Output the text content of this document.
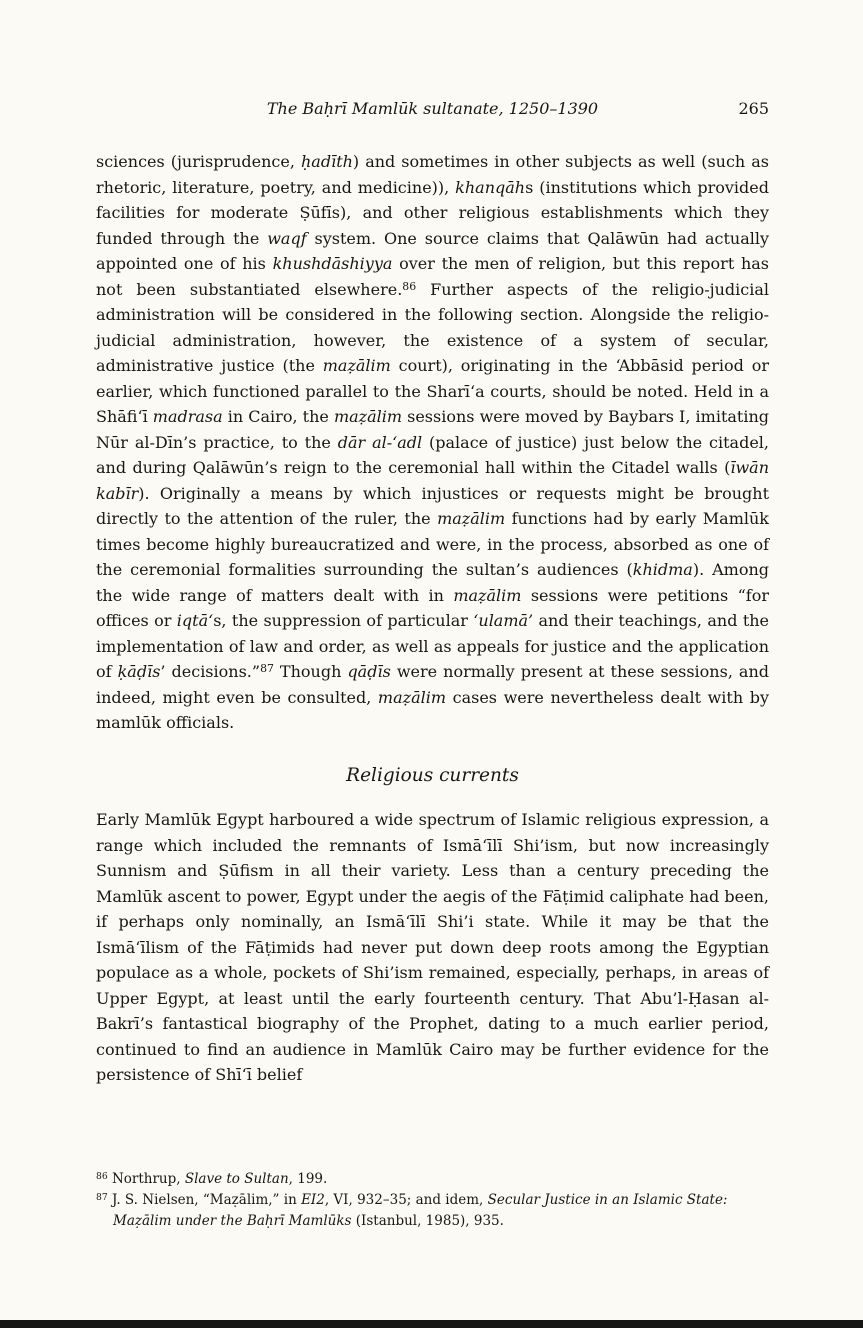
The Baḥrī Mamlūk sultanate, 1250–1390	265

sciences (jurisprudence, ḥadīth) and sometimes in other subjects as well (such as rhetoric, literature, poetry, and medicine)), khanqāhs (institutions which provided facilities for moderate Ṣūfīs), and other religious establishments which they funded through the waqf system. One source claims that Qalāwūn had actually appointed one of his khushdāshiyya over the men of religion, but this report has not been substantiated elsewhere.$^{86}$ Further aspects of the religio-judicial administration will be considered in the following section. Alongside the religio-judicial administration, however, the existence of a system of secular, administrative justice (the maẓālim court), originating in the ‘Abbāsid period or earlier, which functioned parallel to the Sharī‘a courts, should be noted. Held in a Shāfi‘ī madrasa in Cairo, the maẓālim sessions were moved by Baybars I, imitating Nūr al-Dīn’s practice, to the dār al-‘adl (palace of justice) just below the citadel, and during Qalāwūn’s reign to the ceremonial hall within the Citadel walls (īwān kabīr). Originally a means by which injustices or requests might be brought directly to the attention of the ruler, the maẓālim functions had by early Mamlūk times become highly bureaucratized and were, in the process, absorbed as one of the ceremonial formalities surrounding the sultan’s audiences (khidma). Among the wide range of matters dealt with in maẓālim sessions were petitions “for offices or iqtā‘s, the suppression of particular ‘ulamā’ and their teachings, and the implementation of law and order, as well as appeals for justice and the application of ḳāḍīs’ decisions.”$^{87}$ Though qāḍīs were normally present at these sessions, and indeed, might even be consulted, maẓālim cases were nevertheless dealt with by mamlūk officials.

Religious currents

Early Mamlūk Egypt harboured a wide spectrum of Islamic religious expression, a range which included the remnants of Ismā‘īlī Shi’ism, but now increasingly Sunnism and Ṣūfism in all their variety. Less than a century preceding the Mamlūk ascent to power, Egypt under the aegis of the Fāṭimid caliphate had been, if perhaps only nominally, an Ismā‘īlī Shi’i state. While it may be that the Ismā‘īlism of the Fāṭimids had never put down deep roots among the Egyptian populace as a whole, pockets of Shi’ism remained, especially, perhaps, in areas of Upper Egypt, at least until the early fourteenth century. That Abu’l-Ḥasan al-Bakrī’s fantastical biography of the Prophet, dating to a much earlier period, continued to find an audience in Mamlūk Cairo may be further evidence for the persistence of Shī‘ī belief

$^{86}$ Northrup, Slave to Sultan, 199.

$^{87}$ J. S. Nielsen, “Maẓālim,” in EI2, VI, 932–35; and idem, Secular Justice in an Islamic State: Maẓālim under the Baḥrī Mamlūks (Istanbul, 1985), 935.
